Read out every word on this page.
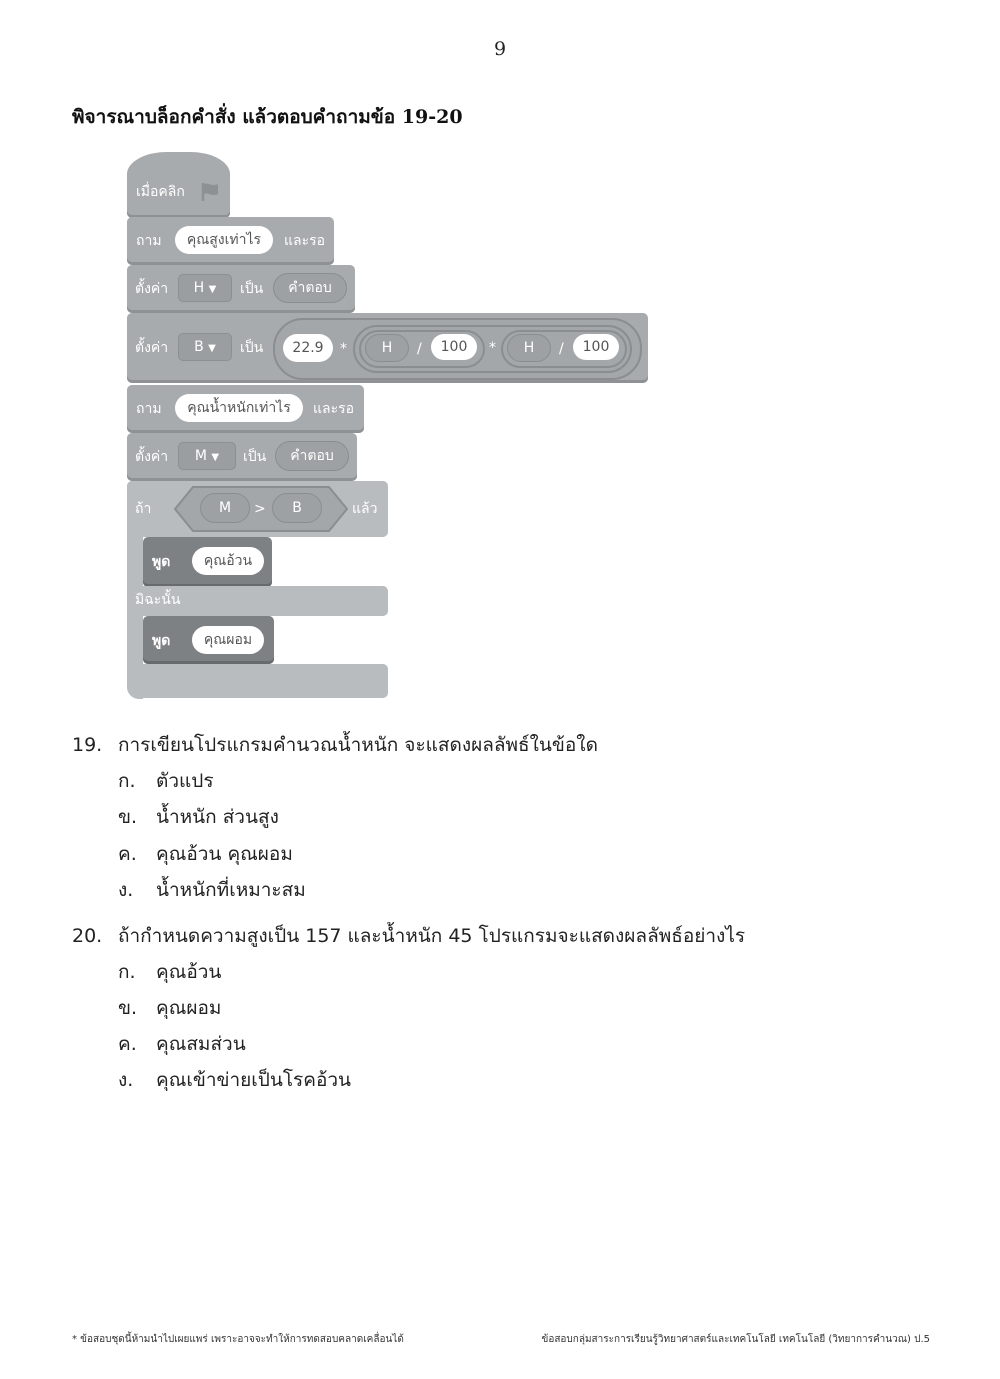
9
พิจารณาบล็อกคำสั่ง แล้วตอบคำถามข้อ 19-20
เมื่อคลิก
ถาม	คุณสูงเท่าไร	และรอ
ตั้งค่า	H ▼	เป็น	คำตอบ
ตั้งค่า	B ▼	เป็น	22.9	*	H	/	100	*	H	/	100
ถาม	คุณน้ำหนักเท่าไร	และรอ
ตั้งค่า	M ▼	เป็น	คำตอบ
ถ้า	M	>	B	แล้ว
พูด	คุณอ้วน
มิฉะนั้น
พูด	คุณผอม
19. การเขียนโปรแกรมคำนวณน้ำหนัก จะแสดงผลลัพธ์ในข้อใด
ก. ตัวแปร
ข. น้ำหนัก ส่วนสูง
ค. คุณอ้วน คุณผอม
ง. น้ำหนักที่เหมาะสม
20. ถ้ากำหนดความสูงเป็น 157 และน้ำหนัก 45 โปรแกรมจะแสดงผลลัพธ์อย่างไร
ก. คุณอ้วน
ข. คุณผอม
ค. คุณสมส่วน
ง. คุณเข้าข่ายเป็นโรคอ้วน
* ข้อสอบชุดนี้ห้ามนำไปเผยแพร่ เพราะอาจจะทำให้การทดสอบคลาดเคลื่อนได้	ข้อสอบกลุ่มสาระการเรียนรู้วิทยาศาสตร์และเทคโนโลยี เทคโนโลยี (วิทยาการคำนวณ) ป.5
